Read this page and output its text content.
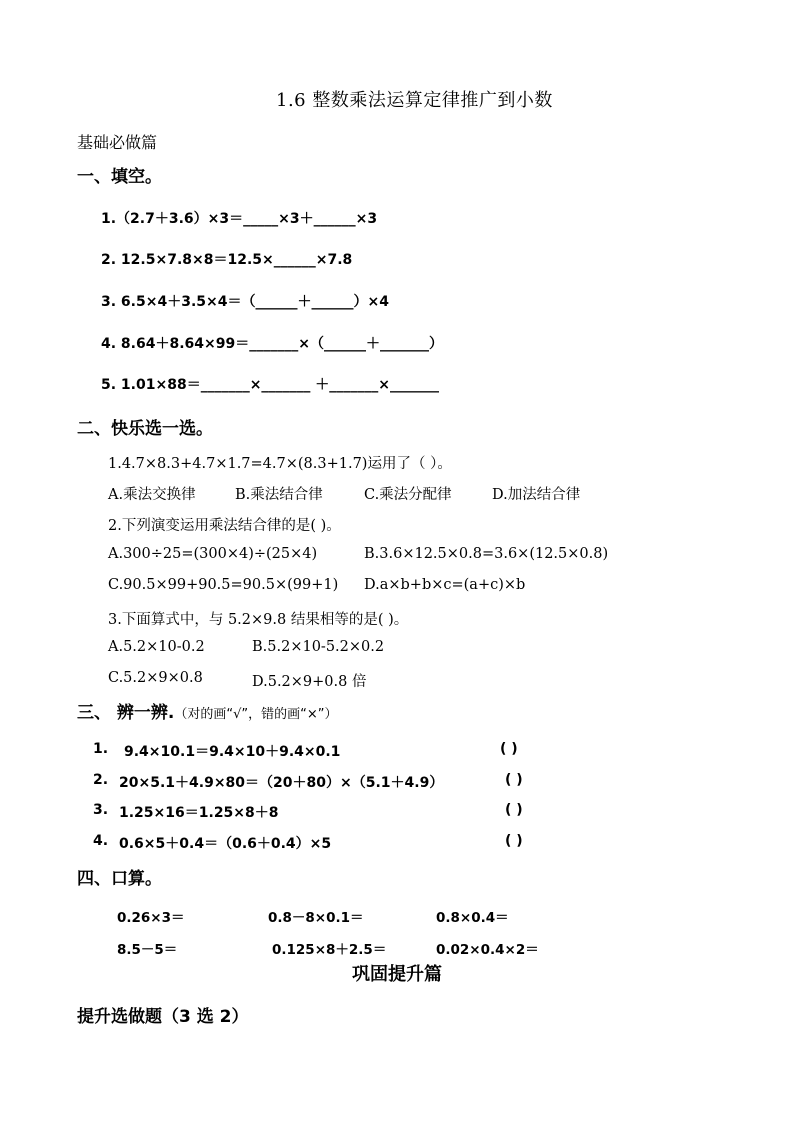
1.6 整数乘法运算定律推广到小数
基础必做篇
一、填空。
1.（2.7＋3.6）×3＝_____×3＋______×3
2. 12.5×7.8×8＝12.5×______×7.8
3. 6.5×4＋3.5×4＝（______＋______）×4
4. 8.64＋8.64×99＝_______×（______＋_______）
5. 1.01×88＝_______×_______ ＋_______×_______
二、快乐选一选。
1.4.7×8.3+4.7×1.7=4.7×(8.3+1.7)运用了（ ）。
A.乘法交换律	B.乘法结合律	C.乘法分配律	D.加法结合律
2.下列演变运用乘法结合律的是( )。
A.300÷25=(300×4)÷(25×4)	B.3.6×12.5×0.8=3.6×(12.5×0.8)
C.90.5×99+90.5=90.5×(99+1) D.a×b+b×c=(a+c)×b
3.下面算式中，与 5.2×9.8 结果相等的是( )。
A.5.2×10-0.2	B.5.2×10-5.2×0.2
C.5.2×9×0.8	D.5.2×9+0.8 倍
三、 辨一辨.（对的画“√”，错的画“×”）
1. 9.4×10.1＝9.4×10＋9.4×0.1	( )
2. 20×5.1＋4.9×80＝（20＋80）×（5.1＋4.9）	( )
3. 1.25×16＝1.25×8＋8	( )
4. 0.6×5＋0.4＝（0.6＋0.4）×5	( )
四、口算。
0.26×3＝	0.8－8×0.1＝	0.8×0.4＝
8.5－5＝	0.125×8＋2.5＝	0.02×0.4×2＝
巩固提升篇
提升选做题（3 选 2）
